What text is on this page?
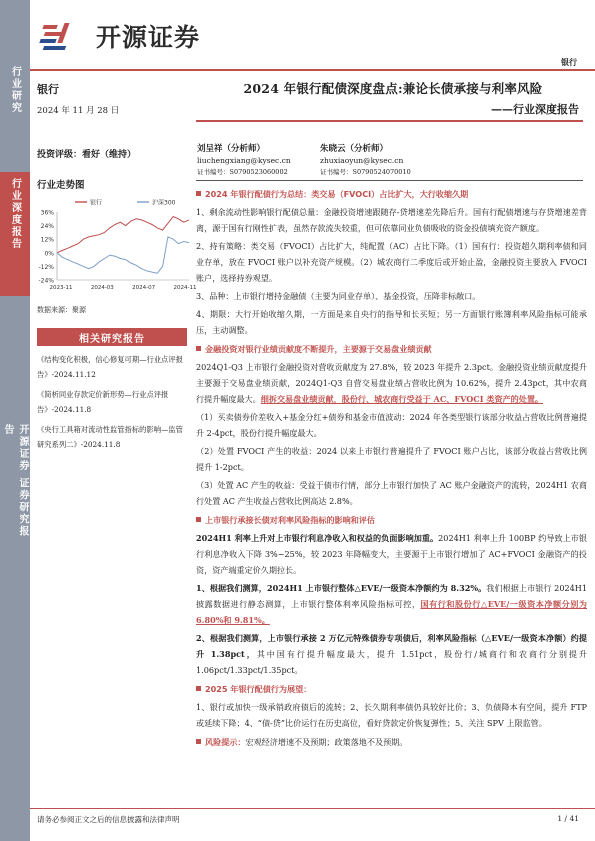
行业研究
行业深度报告
开源证券 证券研究报告
开源证券
银行
银行
2024 年 11 月 28 日
投资评级：看好（维持）
行业走势图
36%
24%
12%
0%
-12%
-24%
2023-11	2024-03	2024-07	2024-11
银行	沪深300
数据来源：聚源
相关研究报告
《结构变化积极，信心修复可期—行业点评报告》-2024.11.12
《简析同业存款定价新形势—行业点评报告》-2024.11.8
《央行工具箱对流动性监管指标的影响—监管研究系列二》-2024.11.8
2024 年银行配债深度盘点:兼论长债承接与利率风险
——行业深度报告
刘呈祥（分析师）
liuchengxiang@kysec.cn
证书编号：S0790523060002
朱晓云（分析师）
zhuxiaoyun@kysec.cn
证书编号：S0790524070010
2024 年银行配债行为总结：类交易（FVOCI）占比扩大，大行收缩久期
1、剩余流动性影响银行配债总量：金融投资增速跟随存-贷增速差先降后升。国有行配债增速与存贷增速差背离，源于国有行刚性扩表，虽然存款流失较重，但可依靠同业负债吸收的资金投债填充资产额度。
2、持有策略：类交易（FVOCI）占比扩大，纯配置（AC）占比下降。（1）国有行：投资超久期利率债和同业存单，放在 FVOCI 账户以补充资产规模。（2）城农商行二季度后或开始止盈，金融投资主要放入 FVOCI 账户，选择持券观望。
3、品种：上市银行增持金融债（主要为同业存单）、基金投资，压降非标敞口。
4、期限：大行开始收缩久期，一方面是来自央行的指导和长买短；另一方面银行账簿利率风险指标可能承压，主动调整。
金融投资对银行业绩贡献度不断提升，主要源于交易盘业绩贡献
2024Q1-Q3 上市银行金融投资对营收贡献度为 27.8%，较 2023 年提升 2.3pct。金融投资业绩贡献度提升主要源于交易盘业绩贡献，2024Q1-Q3 自营交易盘业绩占营收比例为 10.62%，提升 2.43pct，其中农商行提升幅度最大。细拆交易盘业绩贡献，股份行、城农商行受益于 AC、FVOCI 类资产的处置。
（1）买卖债券价差收入+基金分红+债券和基金市值波动：2024 年各类型银行该部分收益占营收比例普遍提升 2-4pct，股份行提升幅度最大。
（2）处置 FVOCI 产生的收益：2024 以来上市银行普遍提升了 FVOCI 账户占比，该部分收益占营收比例提升 1-2pct。
（3）处置 AC 产生的收益：受益于债市行情，部分上市银行加快了 AC 账户金融资产的流转，2024H1 农商行处置 AC 产生收益占营收比例高达 2.8%。
上市银行承接长债对利率风险指标的影响和评估
2024H1 利率上升对上市银行利息净收入和权益的负面影响加重。2024H1 利率上升 100BP 约导致上市银行利息净收入下降 3%~25%，较 2023 年降幅变大，主要源于上市银行增加了 AC+FVOCI 金融资产的投资，资产端重定价久期拉长。
1、根据我们测算，2024H1 上市银行整体△EVE/一级资本净额约为 8.32%。我们根据上市银行 2024H1 披露数据进行静态测算，上市银行整体利率风险指标可控，国有行和股份行△EVE/一级资本净额分别为 6.80%和 9.81%。
2、根据我们测算，上市银行承接 2 万亿元特殊债券专项债后，利率风险指标（△EVE/一级资本净额）约提升 1.38pct，其中国有行提升幅度最大，提升 1.51pct，股份行/城商行和农商行分别提升 1.06pct/1.33pct/1.35pct。
2025 年银行配债行为展望：
1、银行或加快一级承销政府债后的流转；2、长久期利率债仍具较好比价；3、负债降本有空间，提升 FTP 或延续下降；4、“债-贷”比价运行在历史高位，看好贷款定价恢复弹性；5、关注 SPV 上限监管。
风险提示：宏观经济增速不及预期；政策落地不及预期。
请务必参阅正文之后的信息披露和法律声明	1 / 41
